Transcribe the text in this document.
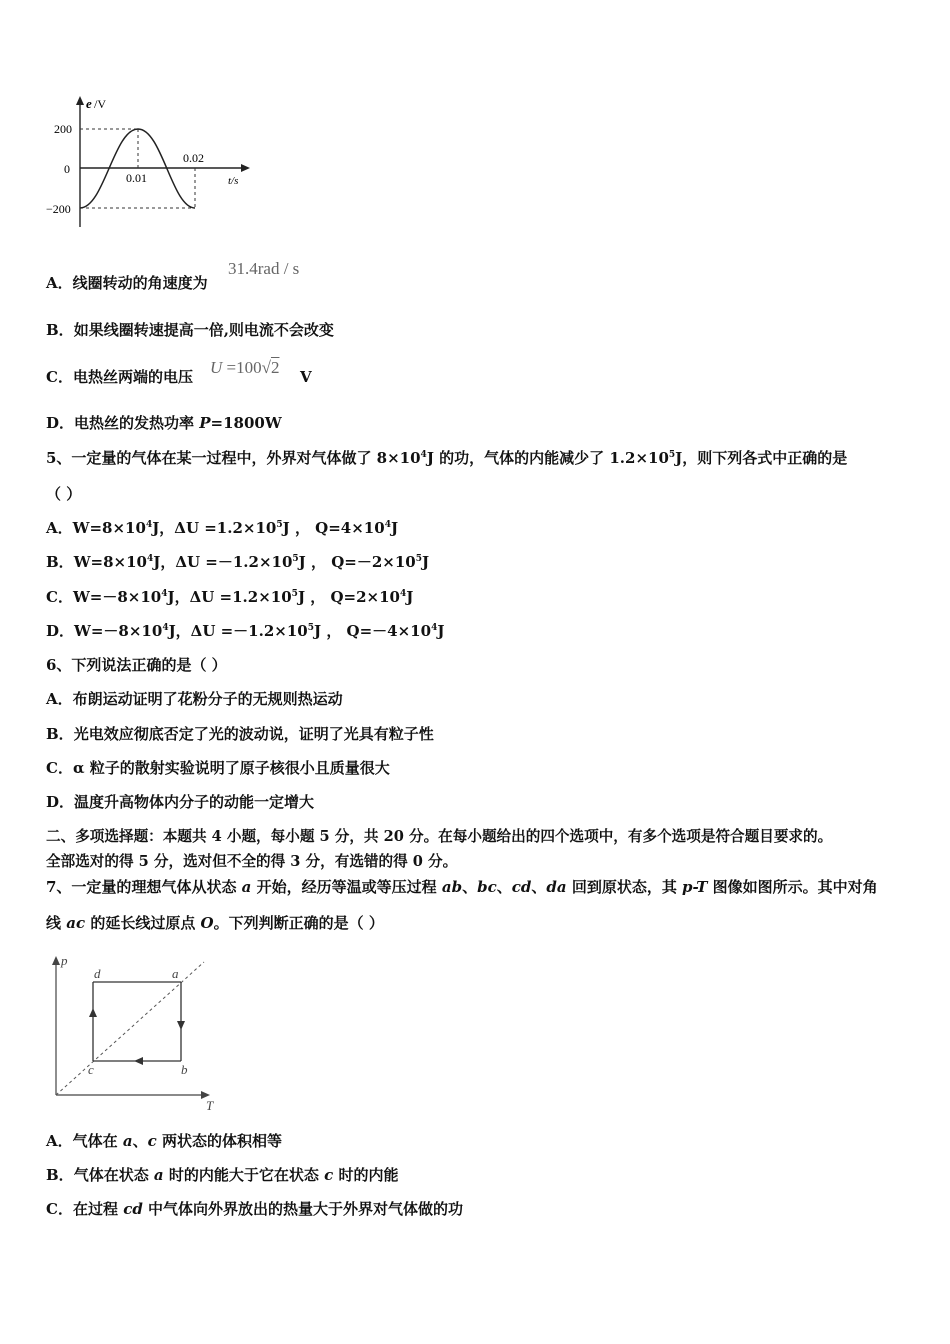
e /V
200
0
−200
0.01
0.02
t/s
A．线圈转动的角速度为
31.4rad / s
B．如果线圈转速提高一倍,则电流不会改变
C．电热丝两端的电压 U =100√2 V
D．电热丝的发热功率 P=1800W
5、一定量的气体在某一过程中，外界对气体做了 $8\times 10^4J$ 的功，气体的内能减少了 $1.2\times 10^5J$，则下列各式中正确的是
（ ）
A．$W=8\times 10^4J$，$\Delta U =1.2\times 10^5J$ ， $Q=4\times 10^4J$
B．$W=8\times 10^4J$，$\Delta U =-1.2\times 10^5J$ ， $Q=-2\times 10^5J$
C．$W=-8\times 10^4J$，$\Delta U =1.2\times 10^5J$ ， $Q=2\times 10^4J$
D．$W=-8\times 10^4J$，$\Delta U =-1.2\times 10^5J$ ， $Q=-4\times 10^4J$
6、下列说法正确的是（ ）
A．布朗运动证明了花粉分子的无规则热运动
B．光电效应彻底否定了光的波动说，证明了光具有粒子性
C．α 粒子的散射实验说明了原子核很小且质量很大
D．温度升高物体内分子的动能一定增大
二、多项选择题：本题共 4 小题，每小题 5 分，共 20 分。在每小题给出的四个选项中，有多个选项是符合题目要求的。
全部选对的得 5 分，选对但不全的得 3 分，有选错的得 0 分。
7、一定量的理想气体从状态 a 开始，经历等温或等压过程 ab、bc、cd、da 回到原状态，其 p-T 图像如图所示。其中对角
线 ac 的延长线过原点 O。下列判断正确的是（ ）
p
T
d	a
c	b
A．气体在 a、c 两状态的体积相等
B．气体在状态 a 时的内能大于它在状态 c 时的内能
C．在过程 cd 中气体向外界放出的热量大于外界对气体做的功
